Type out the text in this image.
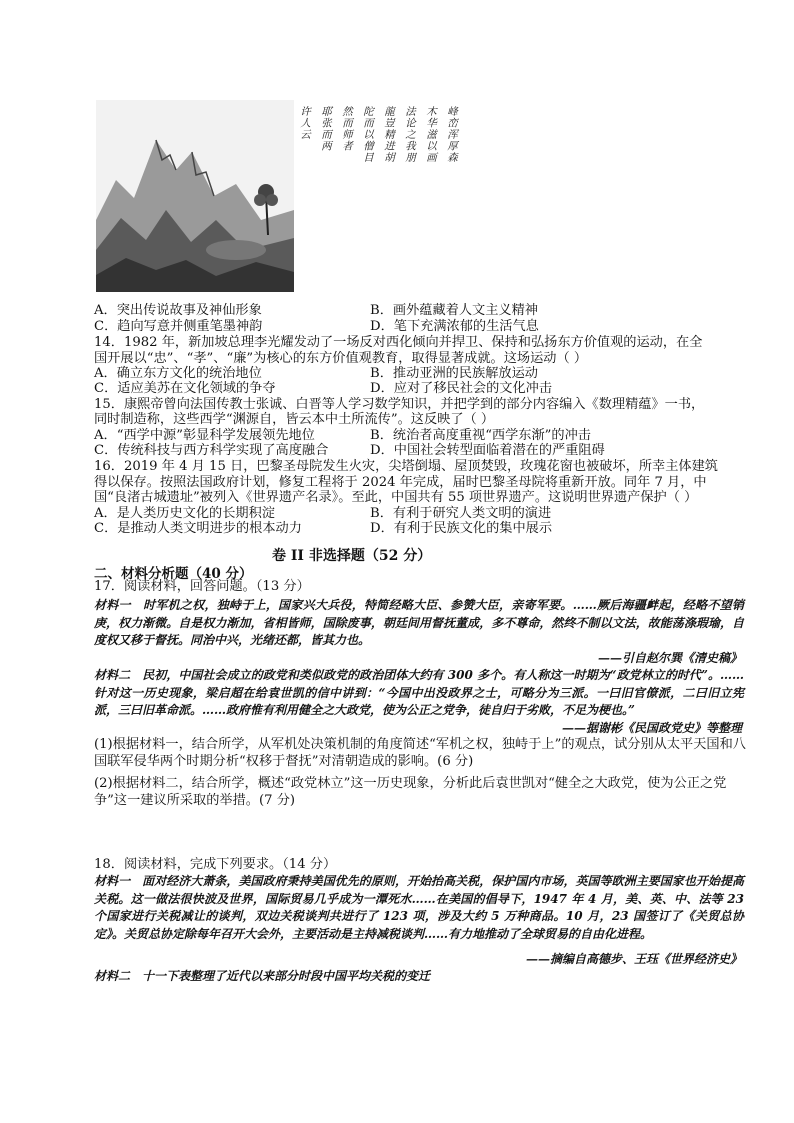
峰峦浑厚森
木华滋以画
法论之我朋
龍豈精进胡
陀而以僧目
然而师者
耶张而两
许人云
A．突出传说故事及神仙形象	B．画外蕴藏着人文主义精神
C．趋向写意并侧重笔墨神韵	D．笔下充满浓郁的生活气息
14．1982 年，新加坡总理李光耀发动了一场反对西化倾向并捍卫、保持和弘扬东方价值观的运动，在全
国开展以“忠”、“孝”、“廉”为核心的东方价值观教育，取得显著成就。这场运动（ ）
A．确立东方文化的统治地位	B．推动亚洲的民族解放运动
C．适应美苏在文化领域的争夺	D．应对了移民社会的文化冲击
15．康熙帝曾向法国传教士张诚、白晋等人学习数学知识，并把学到的部分内容编入《数理精蕴》一书，
同时制造称，这些西学“渊源自，皆云本中土所流传”。这反映了（ ）
A．“西学中源”彰显科学发展领先地位	B．统治者高度重视“西学东渐”的冲击
C．传统科技与西方科学实现了高度融合	D．中国社会转型面临着潜在的严重阻碍
16．2019 年 4 月 15 日，巴黎圣母院发生火灾，尖塔倒塌、屋顶焚毁，玫瑰花窗也被破坏，所幸主体建筑
得以保存。按照法国政府计划，修复工程将于 2024 年完成，届时巴黎圣母院将重新开放。同年 7 月，中
国“良渚古城遗址”被列入《世界遗产名录》。至此，中国共有 55 项世界遗产。这说明世界遗产保护（ ）
A．是人类历史文化的长期积淀	B．有利于研究人类文明的演进
C．是推动人类文明进步的根本动力	D．有利于民族文化的集中展示
卷 II 非选择题（52 分）
二、材料分析题（40 分）
17．阅读材料，回答问题。（13 分）
材料一　时军机之权，独峙于上，国家兴大兵役，特简经略大臣、参赞大臣，亲寄军要。……厥后海疆衅起，经略不望销庚，权力渐微。自是权力渐加，省相皆师，国除废事，朝廷间用督抚董成，多不尊命，然终不制以文法，故能荡涤瑕瑜，自度权又移于督抚。同治中兴，光绪还都，皆其力也。
——引自赵尔巽《清史稿》
材料二　民初，中国社会成立的政党和类似政党的政治团体大约有 300 多个。有人称这一时期为“政党林立的时代”。……针对这一历史现象，梁启超在给袁世凯的信中讲到：“今国中出没政界之士，可略分为三派。一曰旧官僚派，二曰旧立宪派，三曰旧革命派。……政府惟有利用健全之大政党，使为公正之党争，徒自归于劣败，不足为梗也。”
——据谢彬《民国政党史》等整理
(1)根据材料一，结合所学，从军机处决策机制的角度简述“军机之权，独峙于上”的观点，试分别从太平天国和八国联军侵华两个时期分析“权移于督抚”对清朝造成的影响。(6 分)
(2)根据材料二，结合所学，概述“政党林立”这一历史现象，分析此后袁世凯对“健全之大政党，使为公正之党争”这一建议所采取的举措。(7 分)
18．阅读材料，完成下列要求。（14 分）
材料一　面对经济大萧条，美国政府秉持美国优先的原则，开始抬高关税，保护国内市场，英国等欧洲主要国家也开始提高关税。这一做法很快波及世界，国际贸易几乎成为一潭死水……在美国的倡导下，1947 年 4 月，美、英、中、法等 23 个国家进行关税减让的谈判，双边关税谈判共进行了 123 项，涉及大约 5 万种商品。10 月，23 国签订了《关贸总协定》。关贸总协定除每年召开大会外，主要活动是主持减税谈判……有力地推动了全球贸易的自由化进程。
——摘编自高德步、王珏《世界经济史》
材料二　十一下表整理了近代以来部分时段中国平均关税的变迁
